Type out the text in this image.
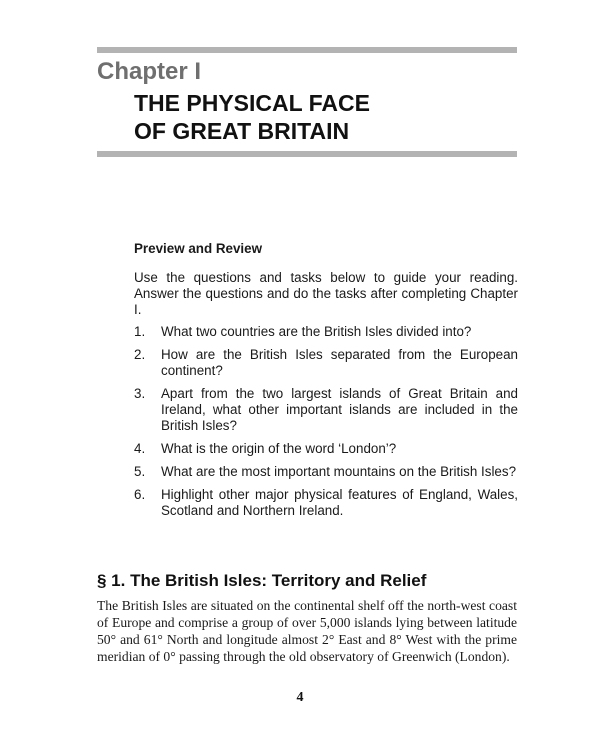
Chapter I
THE PHYSICAL FACE
OF GREAT BRITAIN
Preview and Review

Use the questions and tasks below to guide your reading. Answer the questions and do the tasks after completing Chapter I.

1.	What two countries are the British Isles divided into?
2.	How are the British Isles separated from the European continent?
3.	Apart from the two largest islands of Great Britain and Ireland, what other important islands are included in the British Isles?
4.	What is the origin of the word ‘London’?
5.	What are the most important mountains on the British Isles?
6.	Highlight other major physical features of England, Wales, Scotland and Northern Ireland.
§ 1. The British Isles: Territory and Relief

The British Isles are situated on the continental shelf off the north-west coast of Europe and comprise a group of over 5,000 islands lying between latitude 50° and 61° North and longitude almost 2° East and 8° West with the prime meridian of 0° passing through the old observatory of Greenwich (London).

4
